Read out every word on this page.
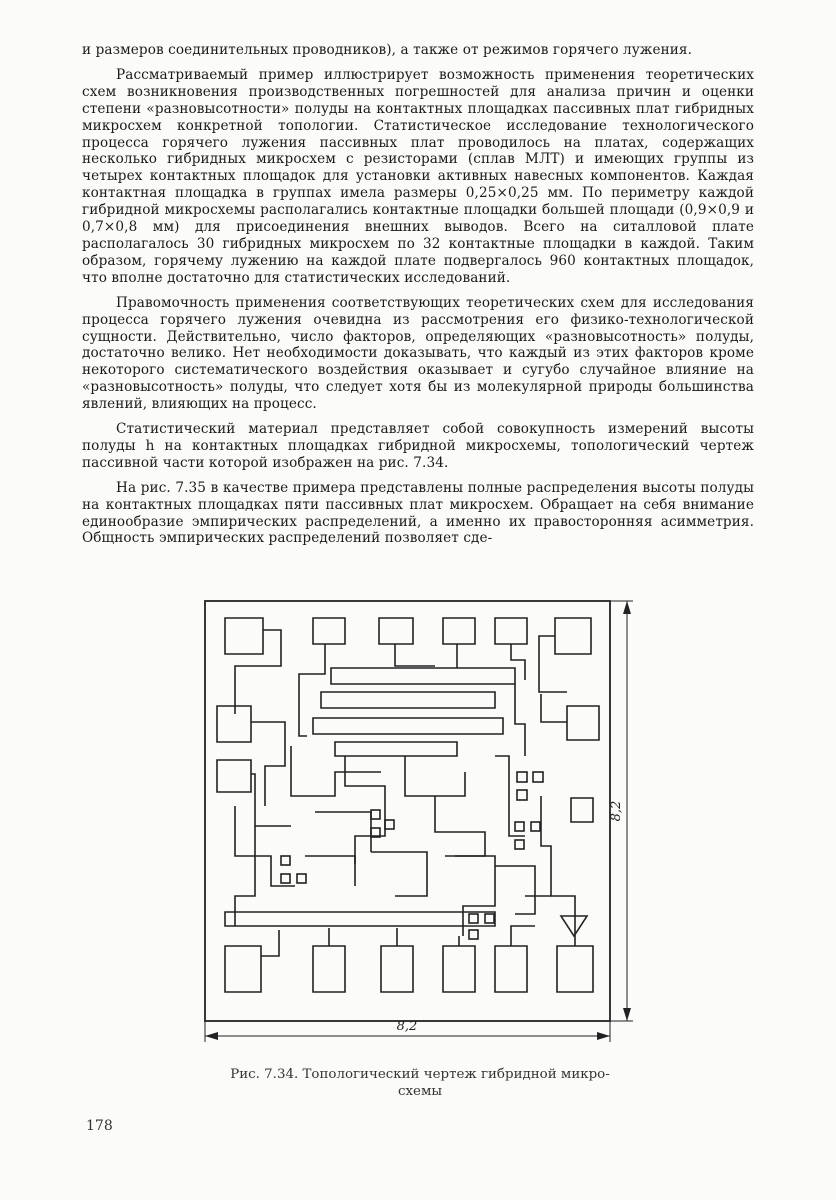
и размеров соединительных проводников), а также от режимов горячего лужения.

Рассматриваемый пример иллюстрирует возможность применения теоретических схем возникновения производственных погрешностей для анализа причин и оценки степени «разновысотности» полуды на контактных площадках пассивных плат гибридных микросхем конкретной топологии. Статистическое исследование технологического процесса горячего лужения пассивных плат проводилось на платах, содержащих несколько гибридных микросхем с резисторами (сплав МЛТ) и имеющих группы из четырех контактных площадок для установки активных навесных компонентов. Каждая контактная площадка в группах имела размеры 0,25×0,25 мм. По периметру каждой гибридной микросхемы располагались контактные площадки большей площади (0,9×0,9 и 0,7×0,8 мм) для присоединения внешних выводов. Всего на ситалловой плате располагалось 30 гибридных микросхем по 32 контактные площадки в каждой. Таким образом, горячему лужению на каждой плате подвергалось 960 контактных площадок, что вполне достаточно для статистических исследований.

Правомочность применения соответствующих теоретических схем для исследования процесса горячего лужения очевидна из рассмотрения его физико-технологической сущности. Действительно, число факторов, определяющих «разновысотность» полуды, достаточно велико. Нет необходимости доказывать, что каждый из этих факторов кроме некоторого систематического воздействия оказывает и сугубо случайное влияние на «разновысотность» полуды, что следует хотя бы из молекулярной природы большинства явлений, влияющих на процесс.

Статистический материал представляет собой совокупность измерений высоты полуды h на контактных площадках гибридной микросхемы, топологический чертеж пассивной части которой изображен на рис. 7.34.

На рис. 7.35 в качестве примера представлены полные распределения высоты полуды на контактных площадках пяти пассивных плат микросхем. Обращает на себя внимание единообразие эмпирических распределений, а именно их правосторонняя асимметрия. Общность эмпирических распределений позволяет сде-

8,2
8,2
Рис. 7.34. Топологический чертеж гибридной микро-
схемы
178
